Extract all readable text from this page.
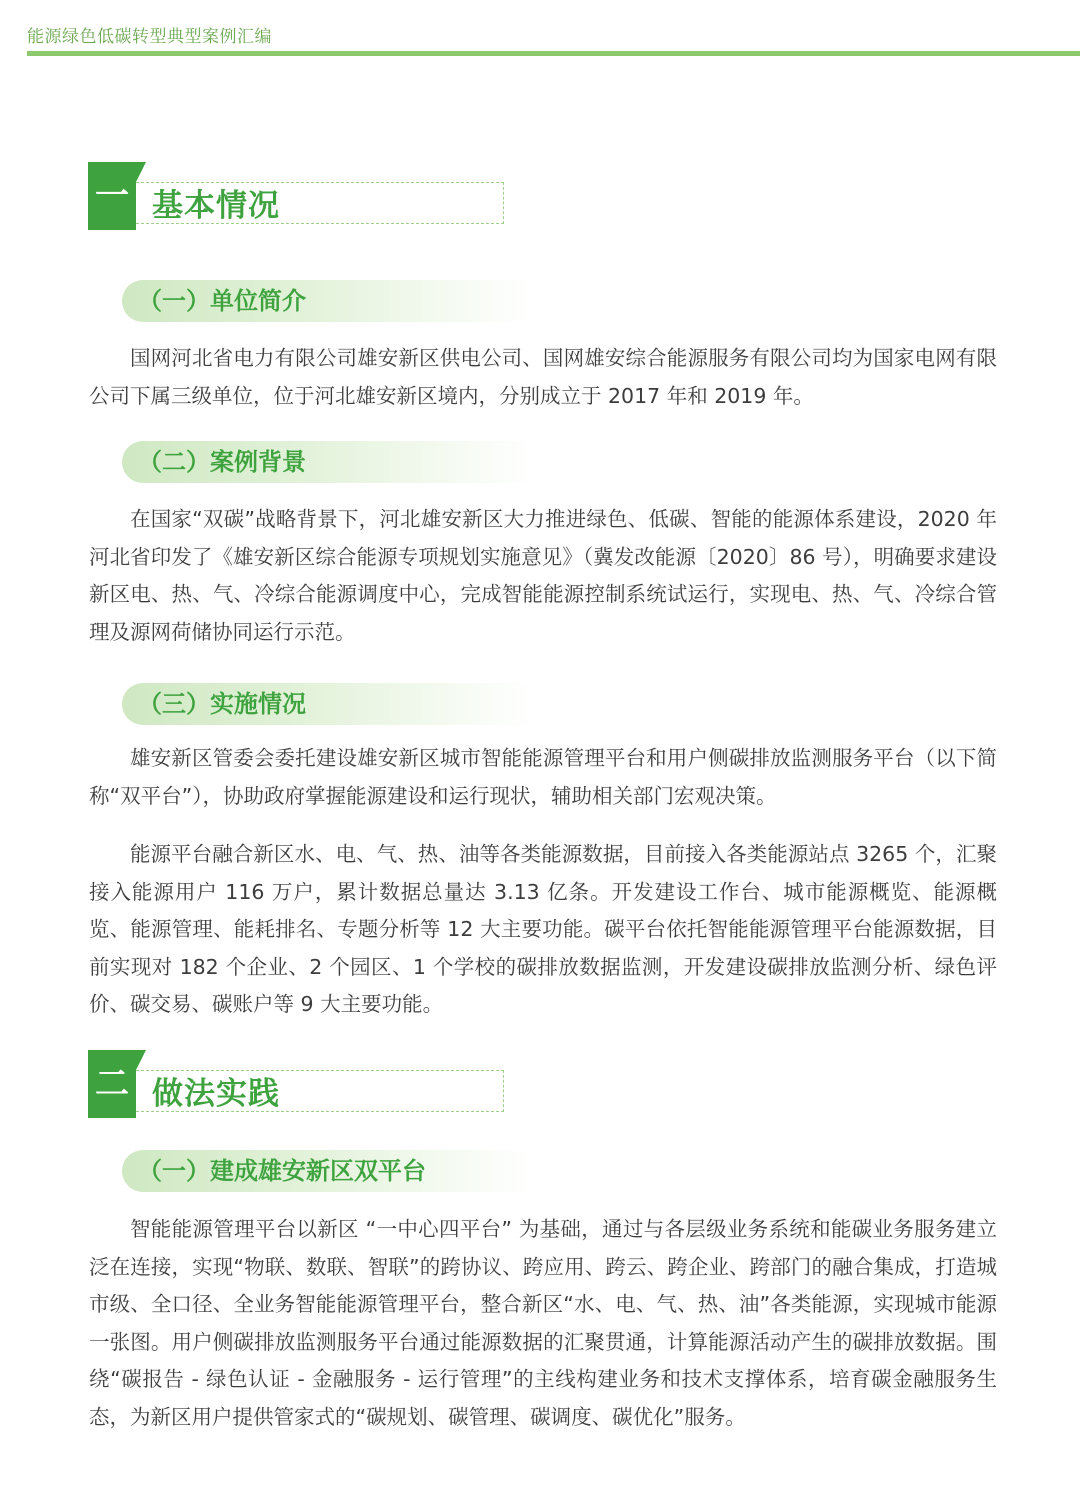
能源绿色低碳转型典型案例汇编
一 基本情况
（一）单位简介

国网河北省电力有限公司雄安新区供电公司、国网雄安综合能源服务有限公司均为国家电网有限公司下属三级单位，位于河北雄安新区境内，分别成立于 2017 年和 2019 年。

（二）案例背景

在国家“双碳”战略背景下，河北雄安新区大力推进绿色、低碳、智能的能源体系建设，2020 年河北省印发了《雄安新区综合能源专项规划实施意见》（冀发改能源〔2020〕86 号），明确要求建设新区电、热、气、冷综合能源调度中心，完成智能能源控制系统试运行，实现电、热、气、冷综合管理及源网荷储协同运行示范。

（三）实施情况

雄安新区管委会委托建设雄安新区城市智能能源管理平台和用户侧碳排放监测服务平台（以下简称“双平台”），协助政府掌握能源建设和运行现状，辅助相关部门宏观决策。

能源平台融合新区水、电、气、热、油等各类能源数据，目前接入各类能源站点 3265 个，汇聚接入能源用户 116 万户，累计数据总量达 3.13 亿条。开发建设工作台、城市能源概览、能源概览、能源管理、能耗排名、专题分析等 12 大主要功能。碳平台依托智能能源管理平台能源数据，目前实现对 182 个企业、2 个园区、1 个学校的碳排放数据监测，开发建设碳排放监测分析、绿色评价、碳交易、碳账户等 9 大主要功能。

二 做法实践
（一）建成雄安新区双平台

智能能源管理平台以新区 “一中心四平台” 为基础，通过与各层级业务系统和能碳业务服务建立泛在连接，实现“物联、数联、智联”的跨协议、跨应用、跨云、跨企业、跨部门的融合集成，打造城市级、全口径、全业务智能能源管理平台，整合新区“水、电、气、热、油”各类能源，实现城市能源一张图。用户侧碳排放监测服务平台通过能源数据的汇聚贯通，计算能源活动产生的碳排放数据。围绕“碳报告 - 绿色认证 - 金融服务 - 运行管理”的主线构建业务和技术支撑体系，培育碳金融服务生态，为新区用户提供管家式的“碳规划、碳管理、碳调度、碳优化”服务。
